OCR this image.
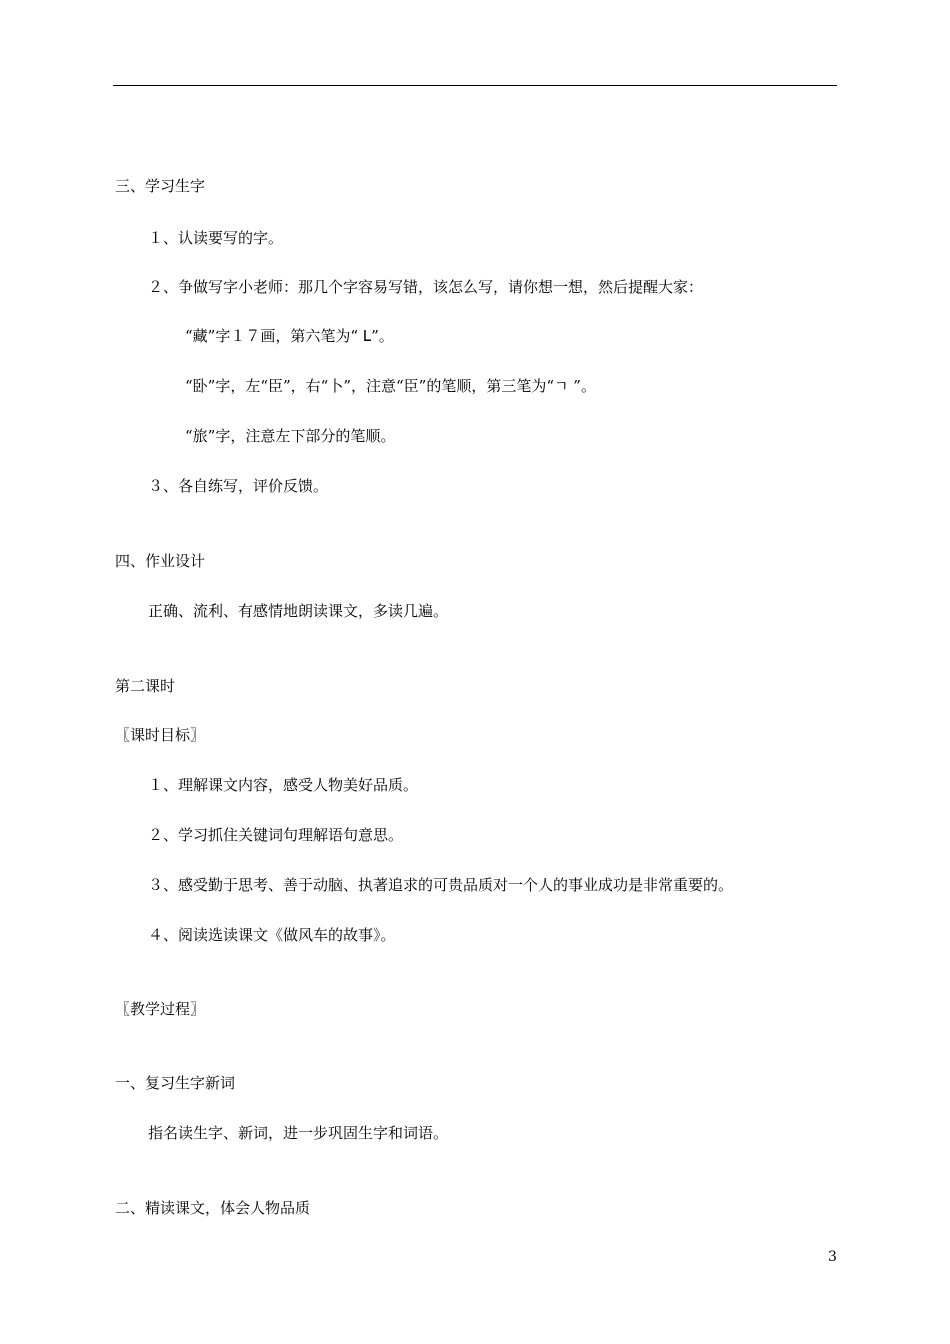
三、学习生字
１、认读要写的字。
２、争做写字小老师：那几个字容易写错，该怎么写，请你想一想，然后提醒大家：
“藏”字１７画，第六笔为“ ᒪ”。
“卧”字，左“臣”，右“卜”，注意“臣”的笔顺，第三笔为“ㄱ ”。
“旅”字，注意左下部分的笔顺。
３、各自练写，评价反馈。
四、作业设计
正确、流利、有感情地朗读课文，多读几遍。
第二课时
〖课时目标〗
１、理解课文内容，感受人物美好品质。
２、学习抓住关键词句理解语句意思。
３、感受勤于思考、善于动脑、执著追求的可贵品质对一个人的事业成功是非常重要的。
４、阅读选读课文《做风车的故事》。
〖教学过程〗
一、复习生字新词
指名读生字、新词，进一步巩固生字和词语。
二、精读课文，体会人物品质
3
